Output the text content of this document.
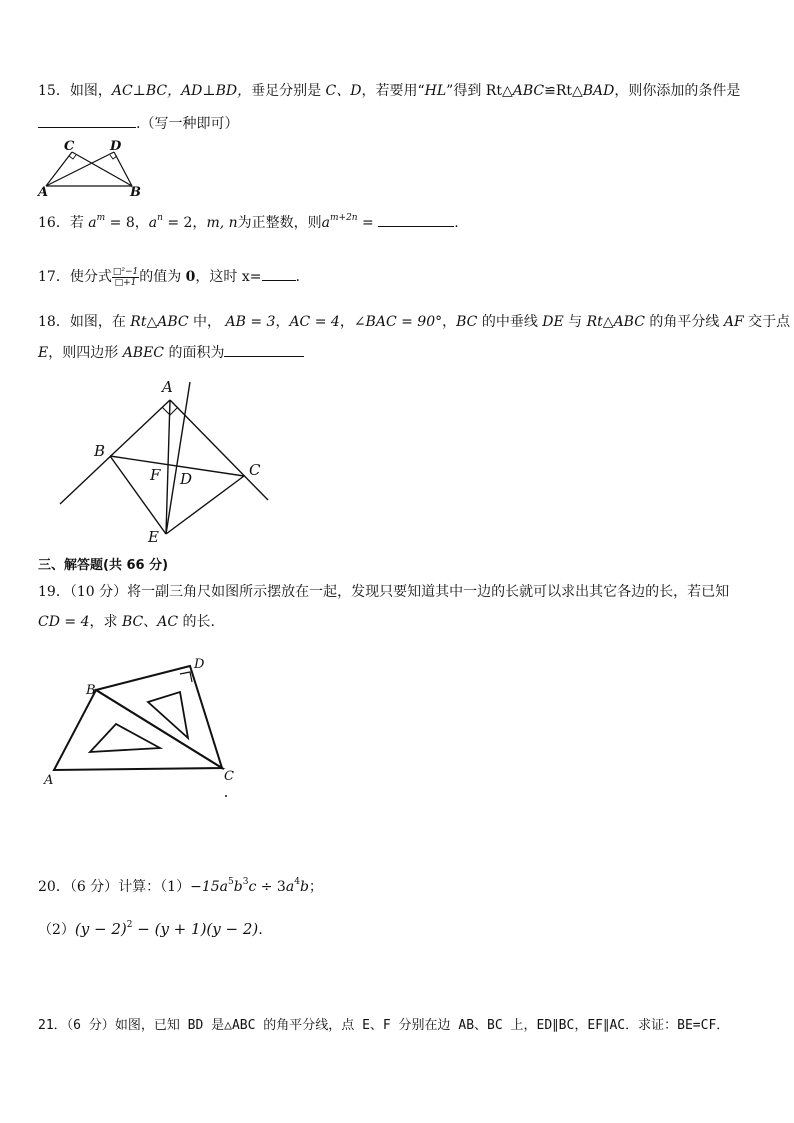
15．如图，AC⊥BC，AD⊥BD，垂足分别是 C、D，若要用“HL”得到 Rt△ABC≌Rt△BAD，则你添加的条件是
.（写一种即可）
C	D
A	B
16．若 $a^m = 8$，$a^n = 2$，m, n为正整数，则$a^{m+2n}$ =	.
17．使分式 $\frac{\text{□²−1}}{□+1}$ 的值为 0，这时 x= .
18．如图，在 Rt△ABC 中， AB = 3，AC = 4，∠BAC = 90°，BC 的中垂线 DE 与 Rt△ABC 的角平分线 AF 交于点
E，则四边形 ABEC 的面积为
A
B
C
D
F
E
三、解答题(共 66 分)
19．（10 分）将一副三角尺如图所示摆放在一起，发现只要知道其中一边的长就可以求出其它各边的长，若已知
CD = 4，求 BC、AC 的长.
A
B
C
D
20．（6 分）计算：$(1)-15a^5b^3c \div 3a^4b$；
$(2)(y - 2)^2 - (y + 1)(y - 2)$.
21．（6 分）如图，已知 BD 是△ABC 的角平分线，点 E、F 分别在边 AB、BC 上，ED∥BC，EF∥AC．求证：BE=CF．
